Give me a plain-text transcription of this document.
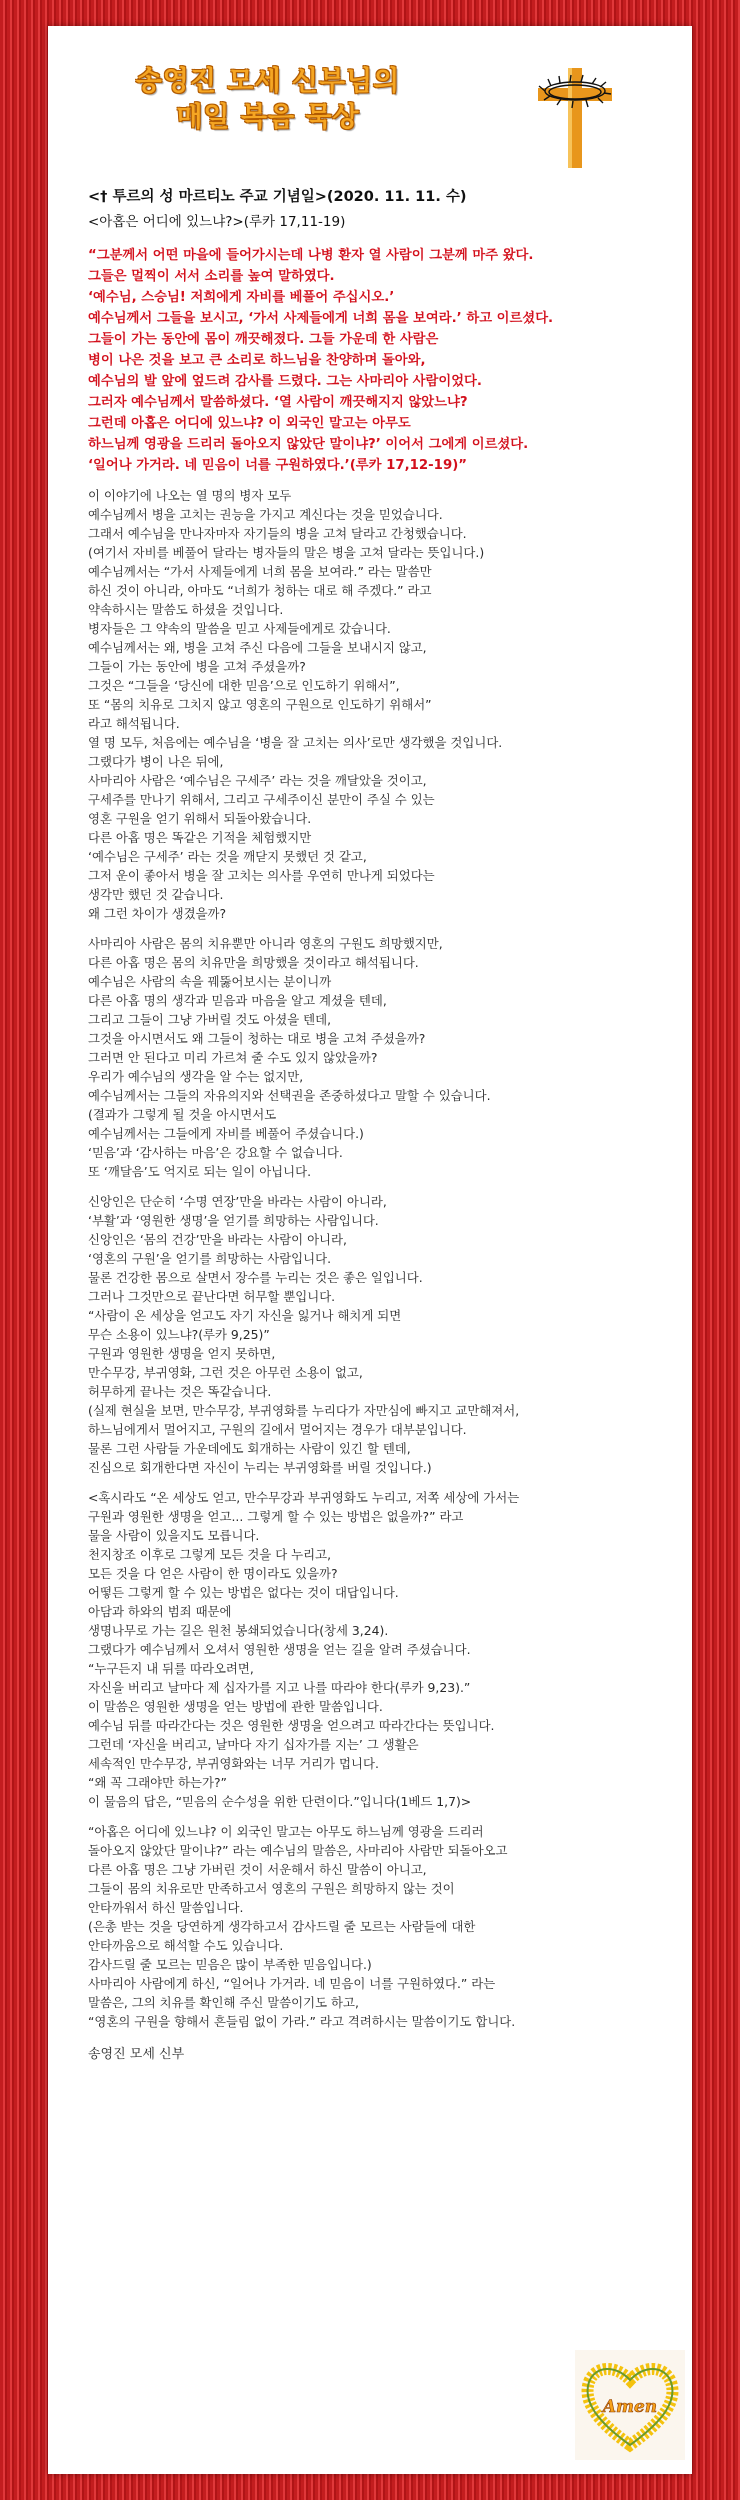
송영진 모세 신부님의
매일 복음 묵상

<† 투르의 성 마르티노 주교 기념일>(2020. 11. 11. 수)

<아홉은 어디에 있느냐?>(루카 17,11-19)

“그분께서 어떤 마을에 들어가시는데 나병 환자 열 사람이 그분께 마주 왔다.
그들은 멀찍이 서서 소리를 높여 말하였다.
‘예수님, 스승님! 저희에게 자비를 베풀어 주십시오.’
예수님께서 그들을 보시고, ‘가서 사제들에게 너희 몸을 보여라.’ 하고 이르셨다.
그들이 가는 동안에 몸이 깨끗해졌다. 그들 가운데 한 사람은
병이 나은 것을 보고 큰 소리로 하느님을 찬양하며 돌아와,
예수님의 발 앞에 엎드려 감사를 드렸다. 그는 사마리아 사람이었다.
그러자 예수님께서 말씀하셨다. ‘열 사람이 깨끗해지지 않았느냐?
그런데 아홉은 어디에 있느냐? 이 외국인 말고는 아무도
하느님께 영광을 드리러 돌아오지 않았단 말이냐?’ 이어서 그에게 이르셨다.
‘일어나 가거라. 네 믿음이 너를 구원하였다.’(루카 17,12-19)”

이 이야기에 나오는 열 명의 병자 모두
예수님께서 병을 고치는 권능을 가지고 계신다는 것을 믿었습니다.
그래서 예수님을 만나자마자 자기들의 병을 고쳐 달라고 간청했습니다.
(여기서 자비를 베풀어 달라는 병자들의 말은 병을 고쳐 달라는 뜻입니다.)
예수님께서는 “가서 사제들에게 너희 몸을 보여라.” 라는 말씀만
하신 것이 아니라, 아마도 “너희가 청하는 대로 해 주겠다.” 라고
약속하시는 말씀도 하셨을 것입니다.
병자들은 그 약속의 말씀을 믿고 사제들에게로 갔습니다.
예수님께서는 왜, 병을 고쳐 주신 다음에 그들을 보내시지 않고,
그들이 가는 동안에 병을 고쳐 주셨을까?
그것은 “그들을 ‘당신에 대한 믿음’으로 인도하기 위해서”,
또 “몸의 치유로 그치지 않고 영혼의 구원으로 인도하기 위해서”
라고 해석됩니다.
열 명 모두, 처음에는 예수님을 ‘병을 잘 고치는 의사’로만 생각했을 것입니다.
그랬다가 병이 나은 뒤에,
사마리아 사람은 ‘예수님은 구세주’ 라는 것을 깨달았을 것이고,
구세주를 만나기 위해서, 그리고 구세주이신 분만이 주실 수 있는
영혼 구원을 얻기 위해서 되돌아왔습니다.
다른 아홉 명은 똑같은 기적을 체험했지만
‘예수님은 구세주’ 라는 것을 깨닫지 못했던 것 같고,
그저 운이 좋아서 병을 잘 고치는 의사를 우연히 만나게 되었다는
생각만 했던 것 같습니다.
왜 그런 차이가 생겼을까?

사마리아 사람은 몸의 치유뿐만 아니라 영혼의 구원도 희망했지만,
다른 아홉 명은 몸의 치유만을 희망했을 것이라고 해석됩니다.
예수님은 사람의 속을 꿰뚫어보시는 분이니까
다른 아홉 명의 생각과 믿음과 마음을 알고 계셨을 텐데,
그리고 그들이 그냥 가버릴 것도 아셨을 텐데,
그것을 아시면서도 왜 그들이 청하는 대로 병을 고쳐 주셨을까?
그러면 안 된다고 미리 가르쳐 줄 수도 있지 않았을까?
우리가 예수님의 생각을 알 수는 없지만,
예수님께서는 그들의 자유의지와 선택권을 존중하셨다고 말할 수 있습니다.
(결과가 그렇게 될 것을 아시면서도
예수님께서는 그들에게 자비를 베풀어 주셨습니다.)
‘믿음’과 ‘감사하는 마음’은 강요할 수 없습니다.
또 ‘깨달음’도 억지로 되는 일이 아닙니다.

신앙인은 단순히 ‘수명 연장’만을 바라는 사람이 아니라,
‘부활’과 ‘영원한 생명’을 얻기를 희망하는 사람입니다.
신앙인은 ‘몸의 건강’만을 바라는 사람이 아니라,
‘영혼의 구원’을 얻기를 희망하는 사람입니다.
물론 건강한 몸으로 살면서 장수를 누리는 것은 좋은 일입니다.
그러나 그것만으로 끝난다면 허무할 뿐입니다.
“사람이 온 세상을 얻고도 자기 자신을 잃거나 해치게 되면
무슨 소용이 있느냐?(루카 9,25)”
구원과 영원한 생명을 얻지 못하면,
만수무강, 부귀영화, 그런 것은 아무런 소용이 없고,
허무하게 끝나는 것은 똑같습니다.
(실제 현실을 보면, 만수무강, 부귀영화를 누리다가 자만심에 빠지고 교만해져서,
하느님에게서 멀어지고, 구원의 길에서 멀어지는 경우가 대부분입니다.
물론 그런 사람들 가운데에도 회개하는 사람이 있긴 할 텐데,
진심으로 회개한다면 자신이 누리는 부귀영화를 버릴 것입니다.)

<혹시라도 “온 세상도 얻고, 만수무강과 부귀영화도 누리고, 저쪽 세상에 가서는
구원과 영원한 생명을 얻고... 그렇게 할 수 있는 방법은 없을까?” 라고
물을 사람이 있을지도 모릅니다.
천지창조 이후로 그렇게 모든 것을 다 누리고,
모든 것을 다 얻은 사람이 한 명이라도 있을까?
어떻든 그렇게 할 수 있는 방법은 없다는 것이 대답입니다.
아담과 하와의 범죄 때문에
생명나무로 가는 길은 원천 봉쇄되었습니다(창세 3,24).
그랬다가 예수님께서 오셔서 영원한 생명을 얻는 길을 알려 주셨습니다.
“누구든지 내 뒤를 따라오려면,
자신을 버리고 날마다 제 십자가를 지고 나를 따라야 한다(루카 9,23).”
이 말씀은 영원한 생명을 얻는 방법에 관한 말씀입니다.
예수님 뒤를 따라간다는 것은 영원한 생명을 얻으려고 따라간다는 뜻입니다.
그런데 ‘자신을 버리고, 날마다 자기 십자가를 지는’ 그 생활은
세속적인 만수무강, 부귀영화와는 너무 거리가 멉니다.
“왜 꼭 그래야만 하는가?”
이 물음의 답은, “믿음의 순수성을 위한 단련이다.”입니다(1베드 1,7)>

“아홉은 어디에 있느냐? 이 외국인 말고는 아무도 하느님께 영광을 드리러
돌아오지 않았단 말이냐?” 라는 예수님의 말씀은, 사마리아 사람만 되돌아오고
다른 아홉 명은 그냥 가버린 것이 서운해서 하신 말씀이 아니고,
그들이 몸의 치유로만 만족하고서 영혼의 구원은 희망하지 않는 것이
안타까워서 하신 말씀입니다.
(은총 받는 것을 당연하게 생각하고서 감사드릴 줄 모르는 사람들에 대한
안타까움으로 해석할 수도 있습니다.
감사드릴 줄 모르는 믿음은 많이 부족한 믿음입니다.)
사마리아 사람에게 하신, “일어나 가거라. 네 믿음이 너를 구원하였다.” 라는
말씀은, 그의 치유를 확인해 주신 말씀이기도 하고,
“영혼의 구원을 향해서 흔들림 없이 가라.” 라고 격려하시는 말씀이기도 합니다.

송영진 모세 신부

Amen
